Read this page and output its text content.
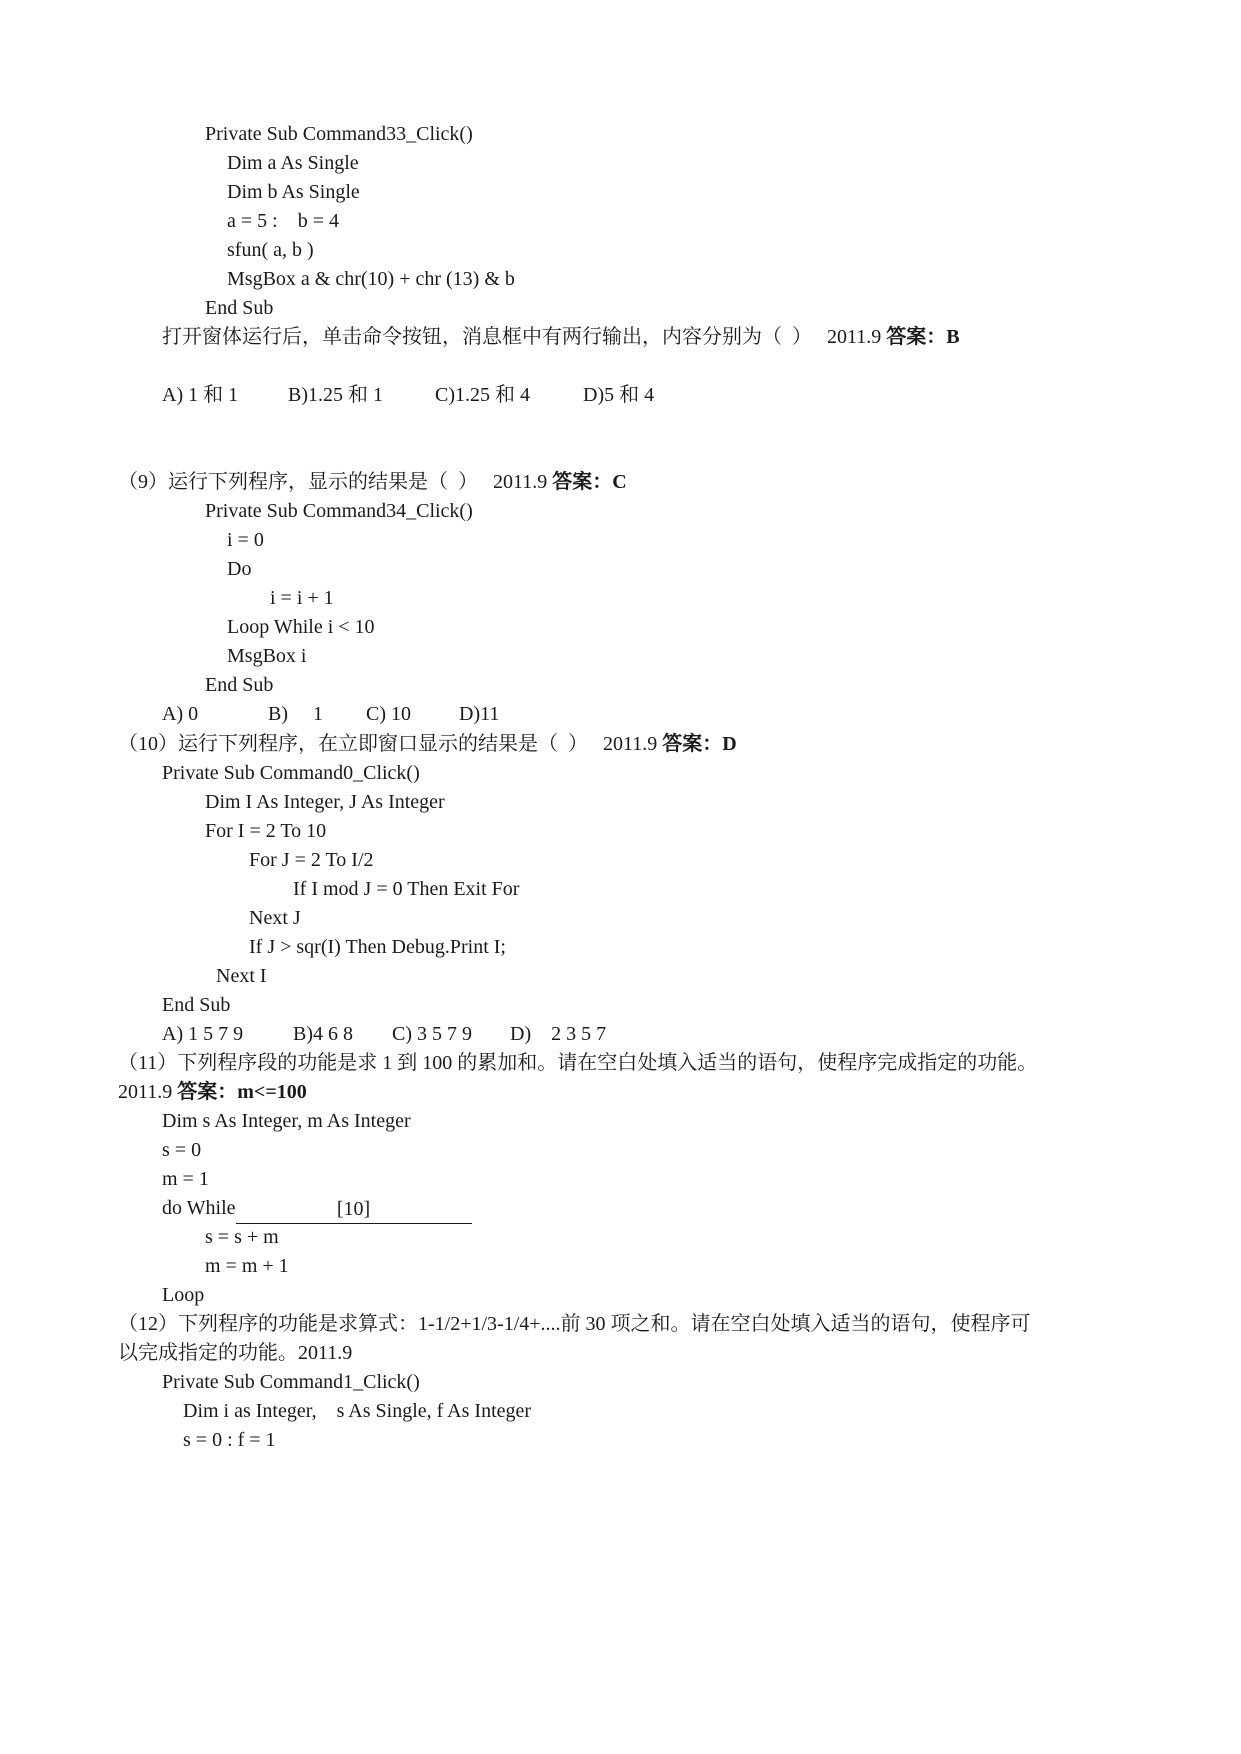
Private Sub Command33_Click()
Dim a As Single
Dim b As Single
a = 5 :    b = 4
sfun( a, b )
MsgBox a & chr(10) + chr (13) & b
End Sub
打开窗体运行后，单击命令按钮，消息框中有两行输出，内容分别为（  ）   2011.9 答案：B
A) 1 和 1 B)1.25 和 1	C)1.25 和 4	D)5 和 4
（9）运行下列程序，显示的结果是（  ）   2011.9 答案：C
Private Sub Command34_Click()
i = 0
Do
i = i + 1
Loop While i < 10
MsgBox i
End Sub
A) 0	B)     1 C) 10 D)11
（10）运行下列程序，在立即窗口显示的结果是（  ）   2011.9 答案：D
Private Sub Command0_Click()
Dim I As Integer, J As Integer
For I = 2 To 10
For J = 2 To I/2
If I mod J = 0 Then Exit For
Next J
If J > sqr(I) Then Debug.Print I;
Next I
End Sub
A) 1 5 7 9 B)4 6 8 C) 3 5 7 9 D)    2 3 5 7
（11）下列程序段的功能是求 1 到 100 的累加和。请在空白处填入适当的语句，使程序完成指定的功能。
2011.9 答案：m<=100
Dim s As Integer, m As Integer
s = 0
m = 1
do While	[10]
s = s + m
m = m + 1
Loop
（12）下列程序的功能是求算式：1-1/2+1/3-1/4+....前 30 项之和。请在空白处填入适当的语句，使程序可
以完成指定的功能。2011.9
Private Sub Command1_Click()
Dim i as Integer,    s As Single, f As Integer
s = 0 : f = 1
